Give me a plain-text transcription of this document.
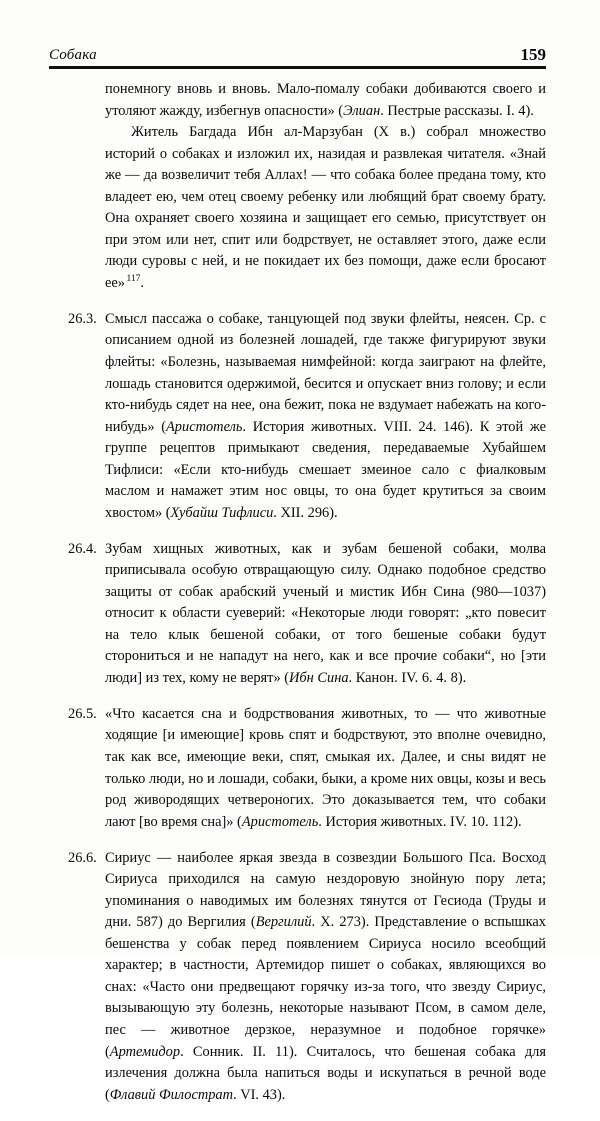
Собака	159

понемногу вновь и вновь. Мало-помалу собаки добиваются своего и утоляют жажду, избегнув опасности» (Элиан. Пестрые рассказы. I. 4).

Житель Багдада Ибн ал-Марзубан (X в.) собрал множество историй о собаках и изложил их, назидая и развлекая читателя. «Знай же — да возвеличит тебя Аллах! — что собака более предана тому, кто владеет ею, чем отец своему ребенку или любящий брат своему брату. Она охраняет своего хозяина и защищает его семью, присутствует он при этом или нет, спит или бодрствует, не оставляет этого, даже если люди суровы с ней, и не покидает их без помощи, даже если бросают ее» $^{117}$.

26.3. Смысл пассажа о собаке, танцующей под звуки флейты, неясен. Ср. с описанием одной из болезней лошадей, где также фигурируют звуки флейты: «Болезнь, называемая нимфейной: когда заиграют на флейте, лошадь становится одержимой, бесится и опускает вниз голову; и если кто-нибудь сядет на нее, она бежит, пока не вздумает набежать на кого-нибудь» (Аристотель. История животных. VIII. 24. 146). К этой же группе рецептов примыкают сведения, передаваемые Хубайшем Тифлиси: «Если кто-нибудь смешает змеиное сало с фиалковым маслом и намажет этим нос овцы, то она будет крутиться за своим хвостом» (Хубайш Тифлиси. XII. 296).

26.4. Зубам хищных животных, как и зубам бешеной собаки, молва приписывала особую отвращающую силу. Однако подобное средство защиты от собак арабский ученый и мистик Ибн Сина (980—1037) относит к области суеверий: «Некоторые люди говорят: „кто повесит на тело клык бешеной собаки, от того бешеные собаки будут сторониться и не нападут на него, как и все прочие собаки“, но [эти люди] из тех, кому не верят» (Ибн Сина. Канон. IV. 6. 4. 8).

26.5. «Что касается сна и бодрствования животных, то — что животные ходящие [и имеющие] кровь спят и бодрствуют, это вполне очевидно, так как все, имеющие веки, спят, смыкая их. Далее, и сны видят не только люди, но и лошади, собаки, быки, а кроме них овцы, козы и весь род живородящих четвероногих. Это доказывается тем, что собаки лают [во время сна]» (Аристотель. История животных. IV. 10. 112).

26.6. Сириус — наиболее яркая звезда в созвездии Большого Пса. Восход Сириуса приходился на самую нездоровую знойную пору лета; упоминания о наводимых им болезнях тянутся от Гесиода (Труды и дни. 587) до Вергилия (Вергилий. X. 273). Представление о вспышках бешенства у собак перед появлением Сириуса носило всеобщий характер; в частности, Артемидор пишет о собаках, являющихся во снах: «Часто они предвещают горячку из-за того, что звезду Сириус, вызывающую эту болезнь, некоторые называют Псом, в самом деле, пес — животное дерзкое, неразумное и подобное горячке» (Артемидор. Сонник. II. 11). Считалось, что бешеная собака для излечения должна была напиться воды и искупаться в речной воде (Флавий Филострат. VI. 43).
